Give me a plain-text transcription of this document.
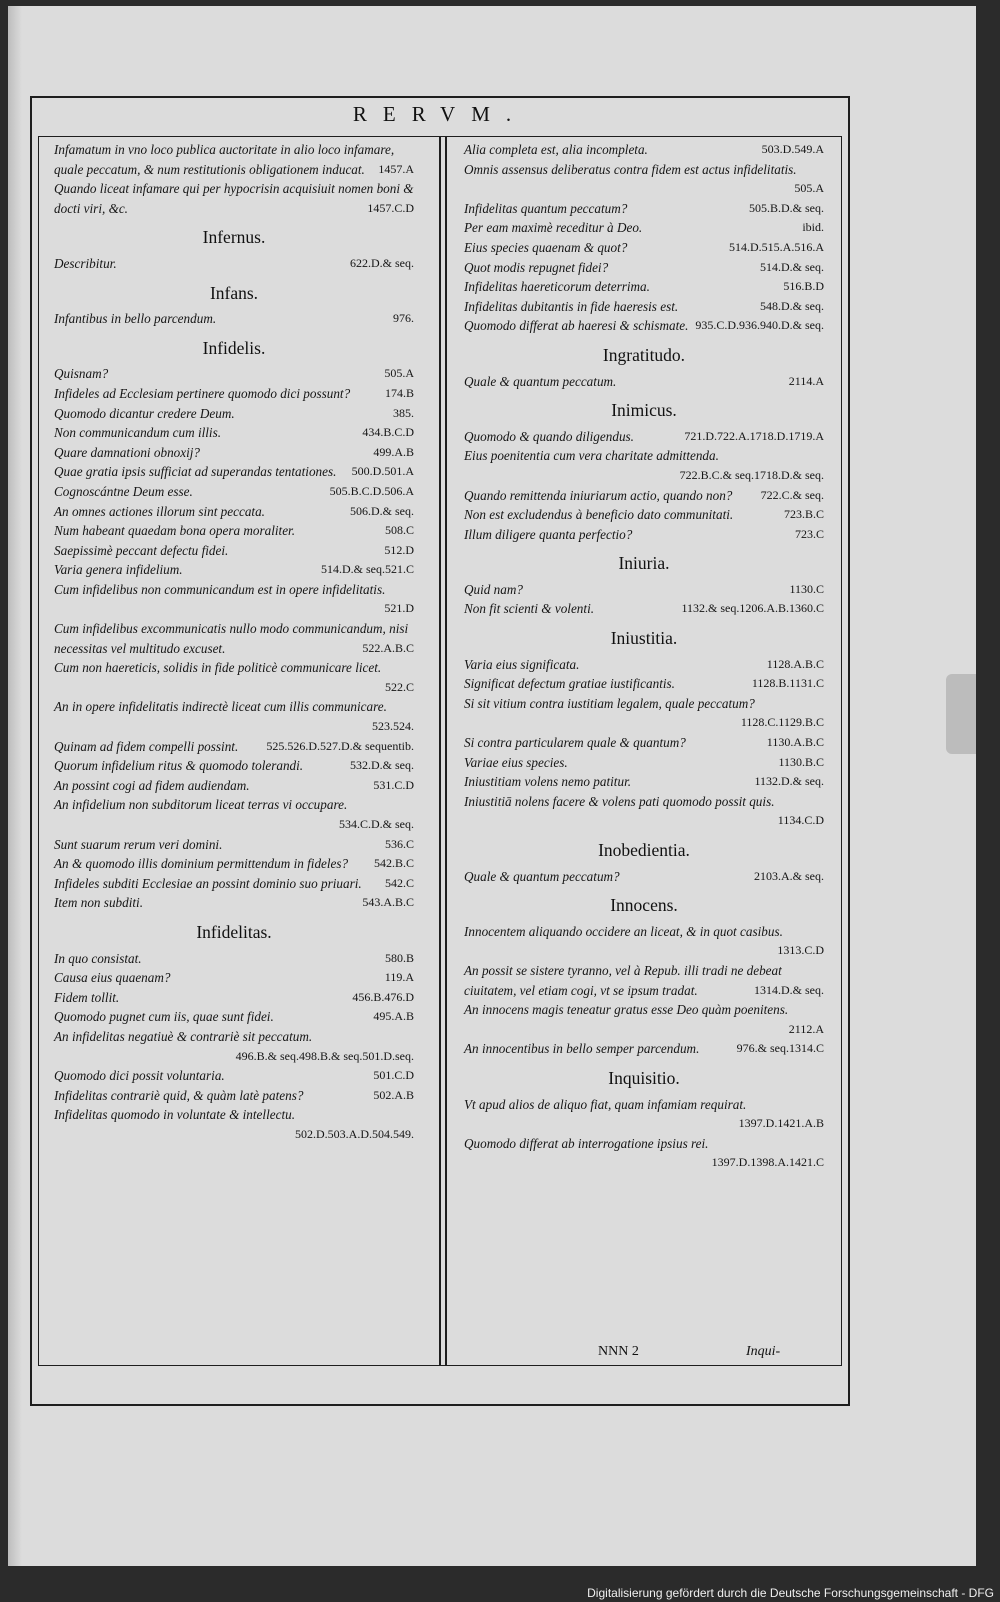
RERVM.
Infamatum in vno loco publica auctoritate in alio loco infamare, quale peccatum, & num restitutionis obligationem inducat.	1457.A
Quando liceat infamare qui per hypocrisin acquisiuit nomen boni & docti viri, &c.	1457.C.D
Infernus.
Describitur.	622.D.& seq.
Infans.
Infantibus in bello parcendum.	976.
Infidelis.
Quisnam?	505.A
Infideles ad Ecclesiam pertinere quomodo dici possunt?	174.B
Quomodo dicantur credere Deum.	385.
Non communicandum cum illis.	434.B.C.D
Quare damnationi obnoxij?	499.A.B
Quae gratia ipsis sufficiat ad superandas tentationes.	500.D.501.A
Cognoscántne Deum esse.	505.B.C.D.506.A
An omnes actiones illorum sint peccata.	506.D.& seq.
Num habeant quaedam bona opera moraliter.	508.C
Saepissimè peccant defectu fidei.	512.D
Varia genera infidelium.	514.D.& seq.521.C
Cum infidelibus non communicandum est in opere infidelitatis.
521.D
Cum infidelibus excommunicatis nullo modo communicandum, nisi necessitas vel multitudo excuset.	522.A.B.C
Cum non haereticis, solidis in fide politicè communicare licet.
522.C
An in opere infidelitatis indirectè liceat cum illis communicare.
523.524.
Quinam ad fidem compelli possint.	525.526.D.527.D.& sequentib.
Quorum infidelium ritus & quomodo tolerandi.	532.D.& seq.
An possint cogi ad fidem audiendam.	531.C.D
An infidelium non subditorum liceat terras vi occupare.
534.C.D.& seq.
Sunt suarum rerum veri domini.	536.C
An & quomodo illis dominium permittendum in fideles?	542.B.C
Infideles subditi Ecclesiae an possint dominio suo priuari.	542.C
Item non subditi.	543.A.B.C
Infidelitas.
In quo consistat.	580.B
Causa eius quaenam?	119.A
Fidem tollit.	456.B.476.D
Quomodo pugnet cum iis, quae sunt fidei.	495.A.B
An infidelitas negatiuè & contrariè sit peccatum.
496.B.& seq.498.B.& seq.501.D.seq.
Quomodo dici possit voluntaria.	501.C.D
Infidelitas contrariè quid, & quàm latè patens?	502.A.B
Infidelitas quomodo in voluntate & intellectu.
502.D.503.A.D.504.549.
Alia completa est, alia incompleta.	503.D.549.A
Omnis assensus deliberatus contra fidem est actus infidelitatis.
505.A
Infidelitas quantum peccatum?	505.B.D.& seq.
Per eam maximè receditur à Deo.	ibid.
Eius species quaenam & quot?	514.D.515.A.516.A
Quot modis repugnet fidei?	514.D.& seq.
Infidelitas haereticorum deterrima.	516.B.D
Infidelitas dubitantis in fide haeresis est.	548.D.& seq.
Quomodo differat ab haeresi & schismate. 935.C.D.936.940.D.& seq.
Ingratitudo.
Quale & quantum peccatum.	2114.A
Inimicus.
Quomodo & quando diligendus.	721.D.722.A.1718.D.1719.A
Eius poenitentia cum vera charitate admittenda.
722.B.C.& seq.1718.D.& seq.
Quando remittenda iniuriarum actio, quando non?	722.C.& seq.
Non est excludendus à beneficio dato communitati.	723.B.C
Illum diligere quanta perfectio?	723.C
Iniuria.
Quid nam?	1130.C
Non fit scienti & volenti.	1132.& seq.1206.A.B.1360.C
Iniustitia.
Varia eius significata.	1128.A.B.C
Significat defectum gratiae iustificantis.	1128.B.1131.C
Si sit vitium contra iustitiam legalem, quale peccatum?
1128.C.1129.B.C
Si contra particularem quale & quantum?	1130.A.B.C
Variae eius species.	1130.B.C
Iniustitiam volens nemo patitur.	1132.D.& seq.
Iniustitiā nolens facere & volens pati quomodo possit quis.
1134.C.D
Inobedientia.
Quale & quantum peccatum?	2103.A.& seq.
Innocens.
Innocentem aliquando occidere an liceat, & in quot casibus.
1313.C.D
An possit se sistere tyranno, vel à Repub. illi tradi ne debeat ciuitatem, vel etiam cogi, vt se ipsum tradat.	1314.D.& seq.
An innocens magis teneatur gratus esse Deo quàm poenitens.
2112.A
An innocentibus in bello semper parcendum.	976.& seq.1314.C
Inquisitio.
Vt apud alios de aliquo fiat, quam infamiam requirat.
1397.D.1421.A.B
Quomodo differat ab interrogatione ipsius rei.
1397.D.1398.A.1421.C
NNN 2	Inqui-
Digitalisierung gefördert durch die Deutsche Forschungsgemeinschaft - DFG
